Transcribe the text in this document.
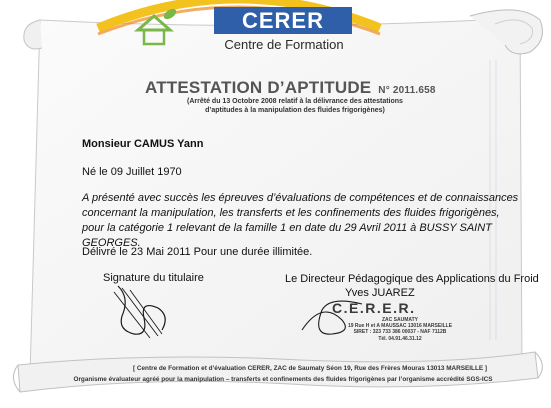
CERER
Centre de Formation
ATTESTATION D’APTITUDE N° 2011.658
(Arrêté du 13 Octobre 2008 relatif à la délivrance des attestations
d’aptitudes à la manipulation des fluides frigorigènes)
Monsieur CAMUS Yann
Né le 09 Juillet 1970
A présenté avec succès les épreuves d’évaluations de compétences et de connaissances
concernant la manipulation, les transferts et les confinements des fluides frigorigènes,
pour la catégorie 1 relevant de la famille 1 en date du 29 Avril 2011 à BUSSY SAINT GEORGES.
Délivré le 23 Mai 2011 Pour une durée illimitée.
Signature du titulaire	Le Directeur Pédagogique des Applications du Froid
Yves JUAREZ
C.E.R.E.R.
ZAC SAUMATY
19 Rue H et A MAUSSAC 13016 MARSEILLE
SIRET : 323 733 386 00037 - NAF 7112B
Tél. 04.91.46.31.12
[ Centre de Formation et d’évaluation CERER, ZAC de Saumaty Séon 19, Rue des Frères Mouras 13013 MARSEILLE ]
Organisme évaluateur agréé pour la manipulation – transferts et confinements des fluides frigorigènes par l’organisme accrédité SGS-ICS
